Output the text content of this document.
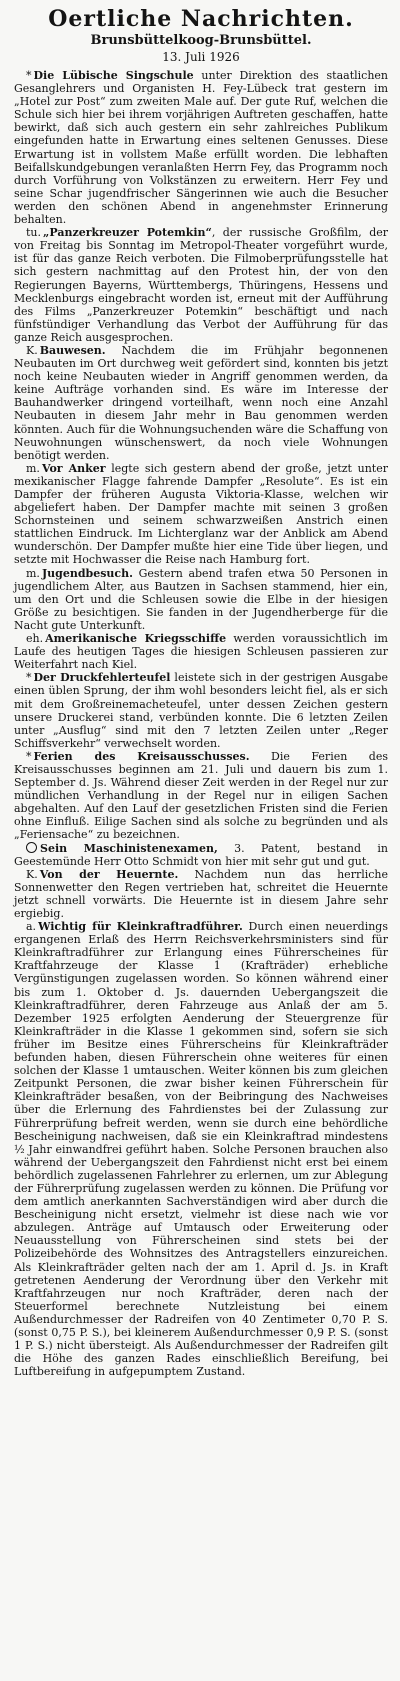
Oertliche Nachrichten.
Brunsbüttelkoog-Brunsbüttel.
13. Juli 1926

* Die Lübische Singschule unter Direktion des staatlichen Gesanglehrers und Organisten H. Fey-Lübeck trat gestern im „Hotel zur Post“ zum zweiten Male auf. Der gute Ruf, welchen die Schule sich hier bei ihrem vorjährigen Auftreten geschaffen, hatte bewirkt, daß sich auch gestern ein sehr zahlreiches Publikum eingefunden hatte in Erwartung eines seltenen Genusses. Diese Erwartung ist in vollstem Maße erfüllt worden. Die lebhaften Beifallskundgebungen veranlaßten Herrn Fey, das Programm noch durch Vorführung von Volkstänzen zu erweitern. Herr Fey und seine Schar jugendfrischer Sängerinnen wie auch die Besucher werden den schönen Abend in angenehmster Erinnerung behalten.

tu. „Panzerkreuzer Potemkin“, der russische Großfilm, der von Freitag bis Sonntag im Metropol-Theater vorgeführt wurde, ist für das ganze Reich verboten. Die Filmoberprüfungsstelle hat sich gestern nachmittag auf den Protest hin, der von den Regierungen Bayerns, Württembergs, Thüringens, Hessens und Mecklenburgs eingebracht worden ist, erneut mit der Aufführung des Films „Panzerkreuzer Potemkin“ beschäftigt und nach fünfstündiger Verhandlung das Verbot der Aufführung für das ganze Reich ausgesprochen.

K. Bauwesen. Nachdem die im Frühjahr begonnenen Neubauten im Ort durchweg weit gefördert sind, konnten bis jetzt noch keine Neubauten wieder in Angriff genommen werden, da keine Aufträge vorhanden sind. Es wäre im Interesse der Bauhandwerker dringend vorteilhaft, wenn noch eine Anzahl Neubauten in diesem Jahr mehr in Bau genommen werden könnten. Auch für die Wohnungsuchenden wäre die Schaffung von Neuwohnungen wünschenswert, da noch viele Wohnungen benötigt werden.

m. Vor Anker legte sich gestern abend der große, jetzt unter mexikanischer Flagge fahrende Dampfer „Resolute“. Es ist ein Dampfer der früheren Augusta Viktoria-Klasse, welchen wir abgeliefert haben. Der Dampfer machte mit seinen 3 großen Schornsteinen und seinem schwarzweißen Anstrich einen stattlichen Eindruck. Im Lichterglanz war der Anblick am Abend wunderschön. Der Dampfer mußte hier eine Tide über liegen, und setzte mit Hochwasser die Reise nach Hamburg fort.

m. Jugendbesuch. Gestern abend trafen etwa 50 Personen in jugendlichem Alter, aus Bautzen in Sachsen stammend, hier ein, um den Ort und die Schleusen sowie die Elbe in der hiesigen Größe zu besichtigen. Sie fanden in der Jugendherberge für die Nacht gute Unterkunft.

eh. Amerikanische Kriegsschiffe werden voraussichtlich im Laufe des heutigen Tages die hiesigen Schleusen passieren zur Weiterfahrt nach Kiel.

* Der Druckfehlerteufel leistete sich in der gestrigen Ausgabe einen üblen Sprung, der ihm wohl besonders leicht fiel, als er sich mit dem Großreinemacheteufel, unter dessen Zeichen gestern unsere Druckerei stand, verbünden konnte. Die 6 letzten Zeilen unter „Ausflug“ sind mit den 7 letzten Zeilen unter „Reger Schiffsverkehr“ verwechselt worden.

* Ferien des Kreisausschusses. Die Ferien des Kreisausschusses beginnen am 21. Juli und dauern bis zum 1. September d. Js. Während dieser Zeit werden in der Regel nur zur mündlichen Verhandlung in der Regel nur in eiligen Sachen abgehalten. Auf den Lauf der gesetzlichen Fristen sind die Ferien ohne Einfluß. Eilige Sachen sind als solche zu begründen und als „Feriensache“ zu bezeichnen.

Sein Maschinistenexamen, 3. Patent, bestand in Geestemünde Herr Otto Schmidt von hier mit sehr gut und gut.

K. Von der Heuernte. Nachdem nun das herrliche Sonnenwetter den Regen vertrieben hat, schreitet die Heuernte jetzt schnell vorwärts. Die Heuernte ist in diesem Jahre sehr ergiebig.

a. Wichtig für Kleinkraftradführer. Durch einen neuerdings ergangenen Erlaß des Herrn Reichsverkehrsministers sind für Kleinkraftradführer zur Erlangung eines Führerscheines für Kraftfahrzeuge der Klasse 1 (Krafträder) erhebliche Vergünstigungen zugelassen worden. So können während einer bis zum 1. Oktober d. Js. dauernden Uebergangszeit die Kleinkraftradführer, deren Fahrzeuge aus Anlaß der am 5. Dezember 1925 erfolgten Aenderung der Steuergrenze für Kleinkrafträder in die Klasse 1 gekommen sind, sofern sie sich früher im Besitze eines Führerscheins für Kleinkrafträder befunden haben, diesen Führerschein ohne weiteres für einen solchen der Klasse 1 umtauschen. Weiter können bis zum gleichen Zeitpunkt Personen, die zwar bisher keinen Führerschein für Kleinkrafträder besaßen, von der Beibringung des Nachweises über die Erlernung des Fahrdienstes bei der Zulassung zur Führerprüfung befreit werden, wenn sie durch eine behördliche Bescheinigung nachweisen, daß sie ein Kleinkraftrad mindestens ½ Jahr einwandfrei geführt haben. Solche Personen brauchen also während der Uebergangszeit den Fahrdienst nicht erst bei einem behördlich zugelassenen Fahrlehrer zu erlernen, um zur Ablegung der Führerprüfung zugelassen werden zu können. Die Prüfung vor dem amtlich anerkannten Sachverständigen wird aber durch die Bescheinigung nicht ersetzt, vielmehr ist diese nach wie vor abzulegen. Anträge auf Umtausch oder Erweiterung oder Neuausstellung von Führerscheinen sind stets bei der Polizeibehörde des Wohnsitzes des Antragstellers einzureichen. Als Kleinkrafträder gelten nach der am 1. April d. Js. in Kraft getretenen Aenderung der Verordnung über den Verkehr mit Kraftfahrzeugen nur noch Krafträder, deren nach der Steuerformel berechnete Nutzleistung bei einem Außendurchmesser der Radreifen von 40 Zentimeter 0,70 P. S. (sonst 0,75 P. S.), bei kleinerem Außendurchmesser 0,9 P. S. (sonst 1 P. S.) nicht übersteigt. Als Außendurchmesser der Radreifen gilt die Höhe des ganzen Rades einschließlich Bereifung, bei Luftbereifung in aufgepumptem Zustand.
